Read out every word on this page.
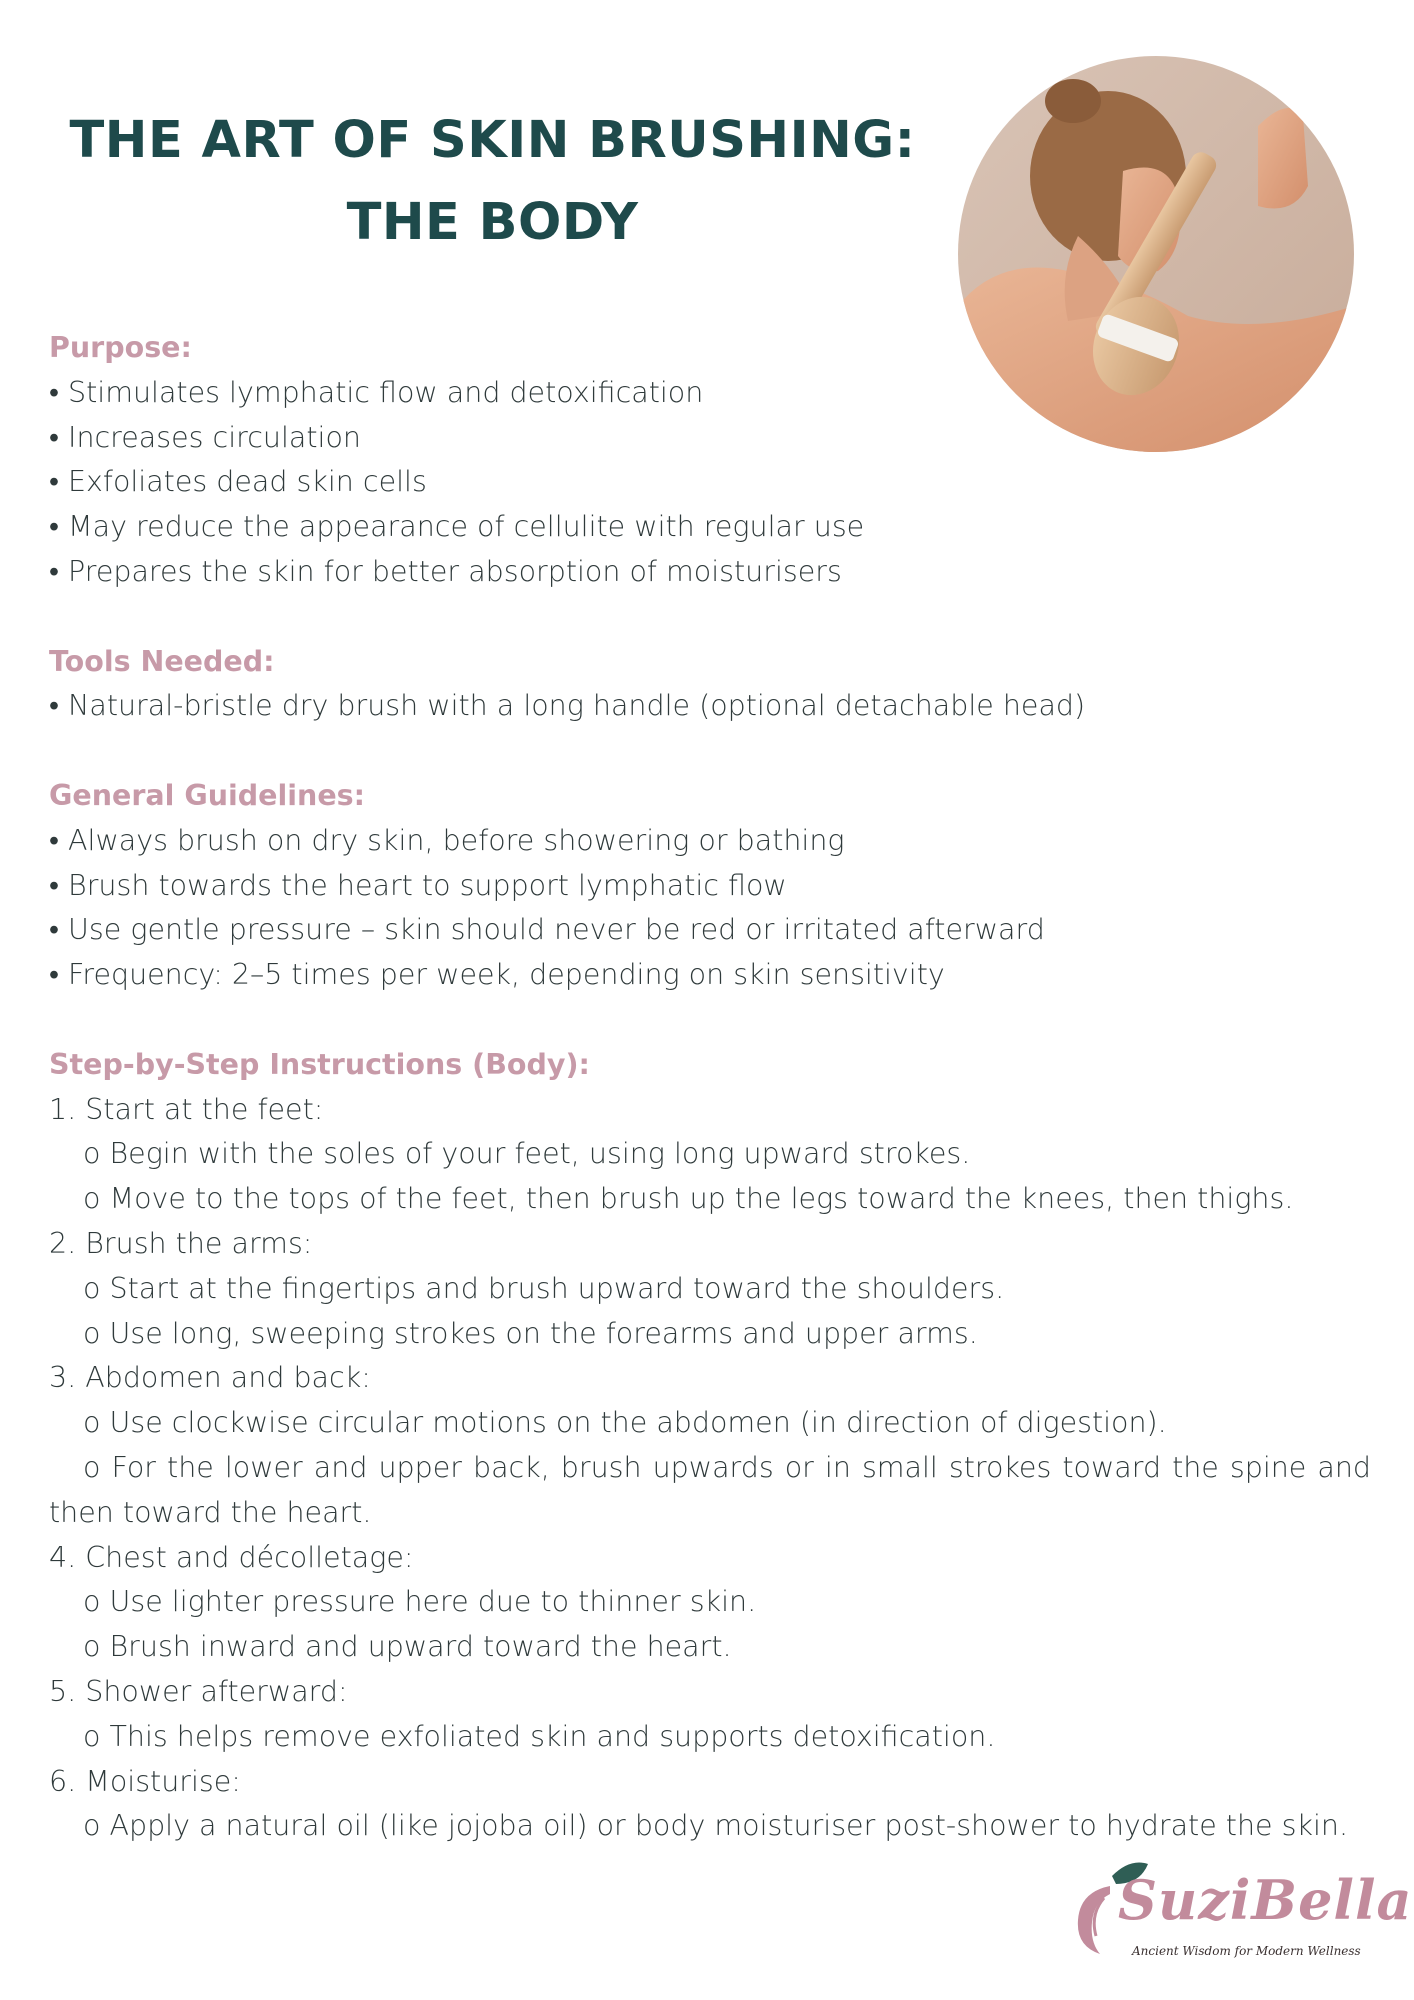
THE ART OF SKIN BRUSHING:
THE BODY
Purpose:
• Stimulates lymphatic flow and detoxification
• Increases circulation
• Exfoliates dead skin cells
• May reduce the appearance of cellulite with regular use
• Prepares the skin for better absorption of moisturisers
Tools Needed:
• Natural-bristle dry brush with a long handle (optional detachable head)
General Guidelines:
• Always brush on dry skin, before showering or bathing
• Brush towards the heart to support lymphatic flow
• Use gentle pressure – skin should never be red or irritated afterward
• Frequency: 2–5 times per week, depending on skin sensitivity
Step-by-Step Instructions (Body):
1. Start at the feet:
o Begin with the soles of your feet, using long upward strokes.
o Move to the tops of the feet, then brush up the legs toward the knees, then thighs.
2. Brush the arms:
o Start at the fingertips and brush upward toward the shoulders.
o Use long, sweeping strokes on the forearms and upper arms.
3. Abdomen and back:
o Use clockwise circular motions on the abdomen (in direction of digestion).
o For the lower and upper back, brush upwards or in small strokes toward the spine and then toward the heart.
4. Chest and décolletage:
o Use lighter pressure here due to thinner skin.
o Brush inward and upward toward the heart.
5. Shower afterward:
o This helps remove exfoliated skin and supports detoxification.
6. Moisturise:
o Apply a natural oil (like jojoba oil) or body moisturiser post-shower to hydrate the skin.
SuziBella
Ancient Wisdom for Modern Wellness
